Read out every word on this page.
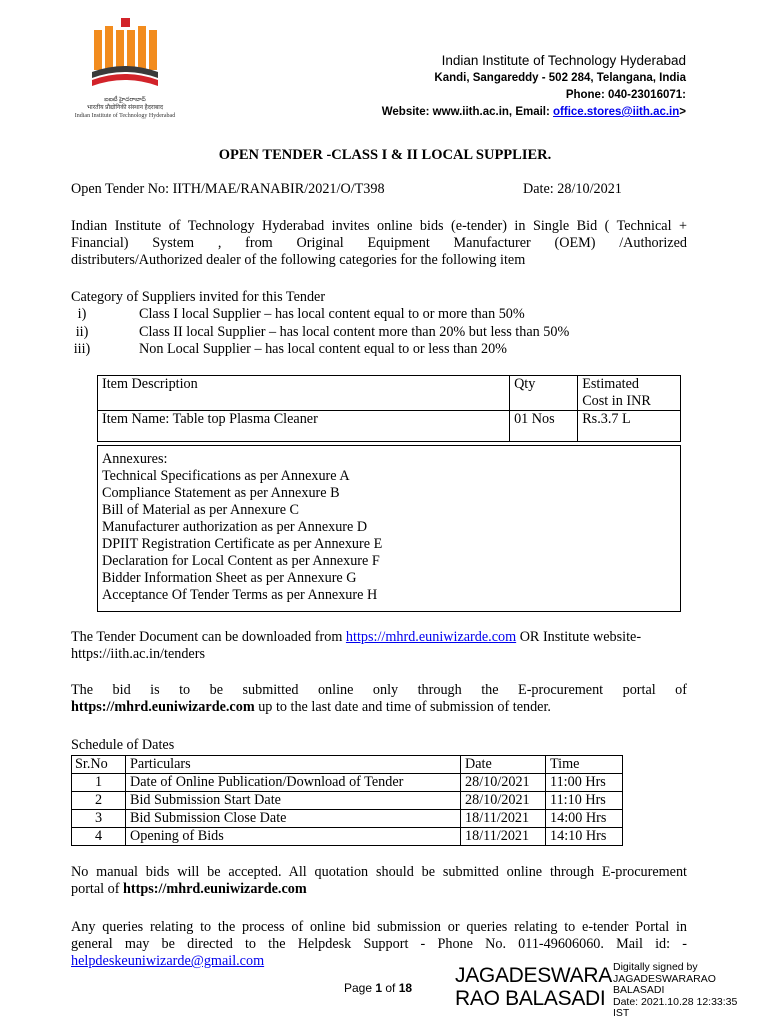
ఐఐటీ హైదరాబాద్
भारतीय प्रौद्योगिकी संस्थान हैदराबाद
Indian Institute of Technology Hyderabad
Indian Institute of Technology Hyderabad
Kandi, Sangareddy - 502 284, Telangana, India
Phone: 040-23016071:
Website: www.iith.ac.in, Email: office.stores@iith.ac.in>
OPEN TENDER -CLASS I & II LOCAL SUPPLIER.
Open Tender No: IITH/MAE/RANABIR/2021/O/T398	Date: 28/10/2021
Indian Institute of Technology Hyderabad invites online bids (e-tender) in Single Bid ( Technical +
Financial) System , from Original Equipment Manufacturer (OEM) /Authorized
distributers/Authorized dealer of the following categories for the following item
Category of Suppliers invited for this Tender
i)	Class I local Supplier – has local content equal to or more than 50%
ii)	Class II local Supplier – has local content more than 20% but less than 50%
iii)	Non Local Supplier – has local content equal to or less than 20%
Item Description	Qty	Estimated
Cost in INR

Item Name: Table top Plasma Cleaner	01 Nos	Rs.3.7 L
Annexures:
Technical Specifications as per Annexure A
Compliance Statement as per Annexure B
Bill of Material as per Annexure C
Manufacturer authorization as per Annexure D
DPIIT Registration Certificate as per Annexure E
Declaration for Local Content as per Annexure F
Bidder Information Sheet as per Annexure G
Acceptance Of Tender Terms as per Annexure H
The Tender Document can be downloaded from https://mhrd.euniwizarde.com OR Institute website-
https://iith.ac.in/tenders
The bid is to be submitted online only through the E-procurement portal of
https://mhrd.euniwizarde.com up to the last date and time of submission of tender.
Schedule of Dates
Sr.No	Particulars	Date	Time
1	Date of Online Publication/Download of Tender	28/10/2021	11:00 Hrs
2	Bid Submission Start Date	28/10/2021	11:10 Hrs
3	Bid Submission Close Date	18/11/2021	14:00 Hrs
4	Opening of Bids	18/11/2021	14:10 Hrs
No manual bids will be accepted. All quotation should be submitted online through E-procurement
portal of https://mhrd.euniwizarde.com
Any queries relating to the process of online bid submission or queries relating to e-tender Portal in
general may be directed to the Helpdesk Support - Phone No. 011-49606060. Mail id: -
helpdeskeuniwizarde@gmail.com
Page 1 of 18
JAGADESWARA
RAO BALASADI
Digitally signed by
JAGADESWARARAO
BALASADI
Date: 2021.10.28 12:33:35
IST
